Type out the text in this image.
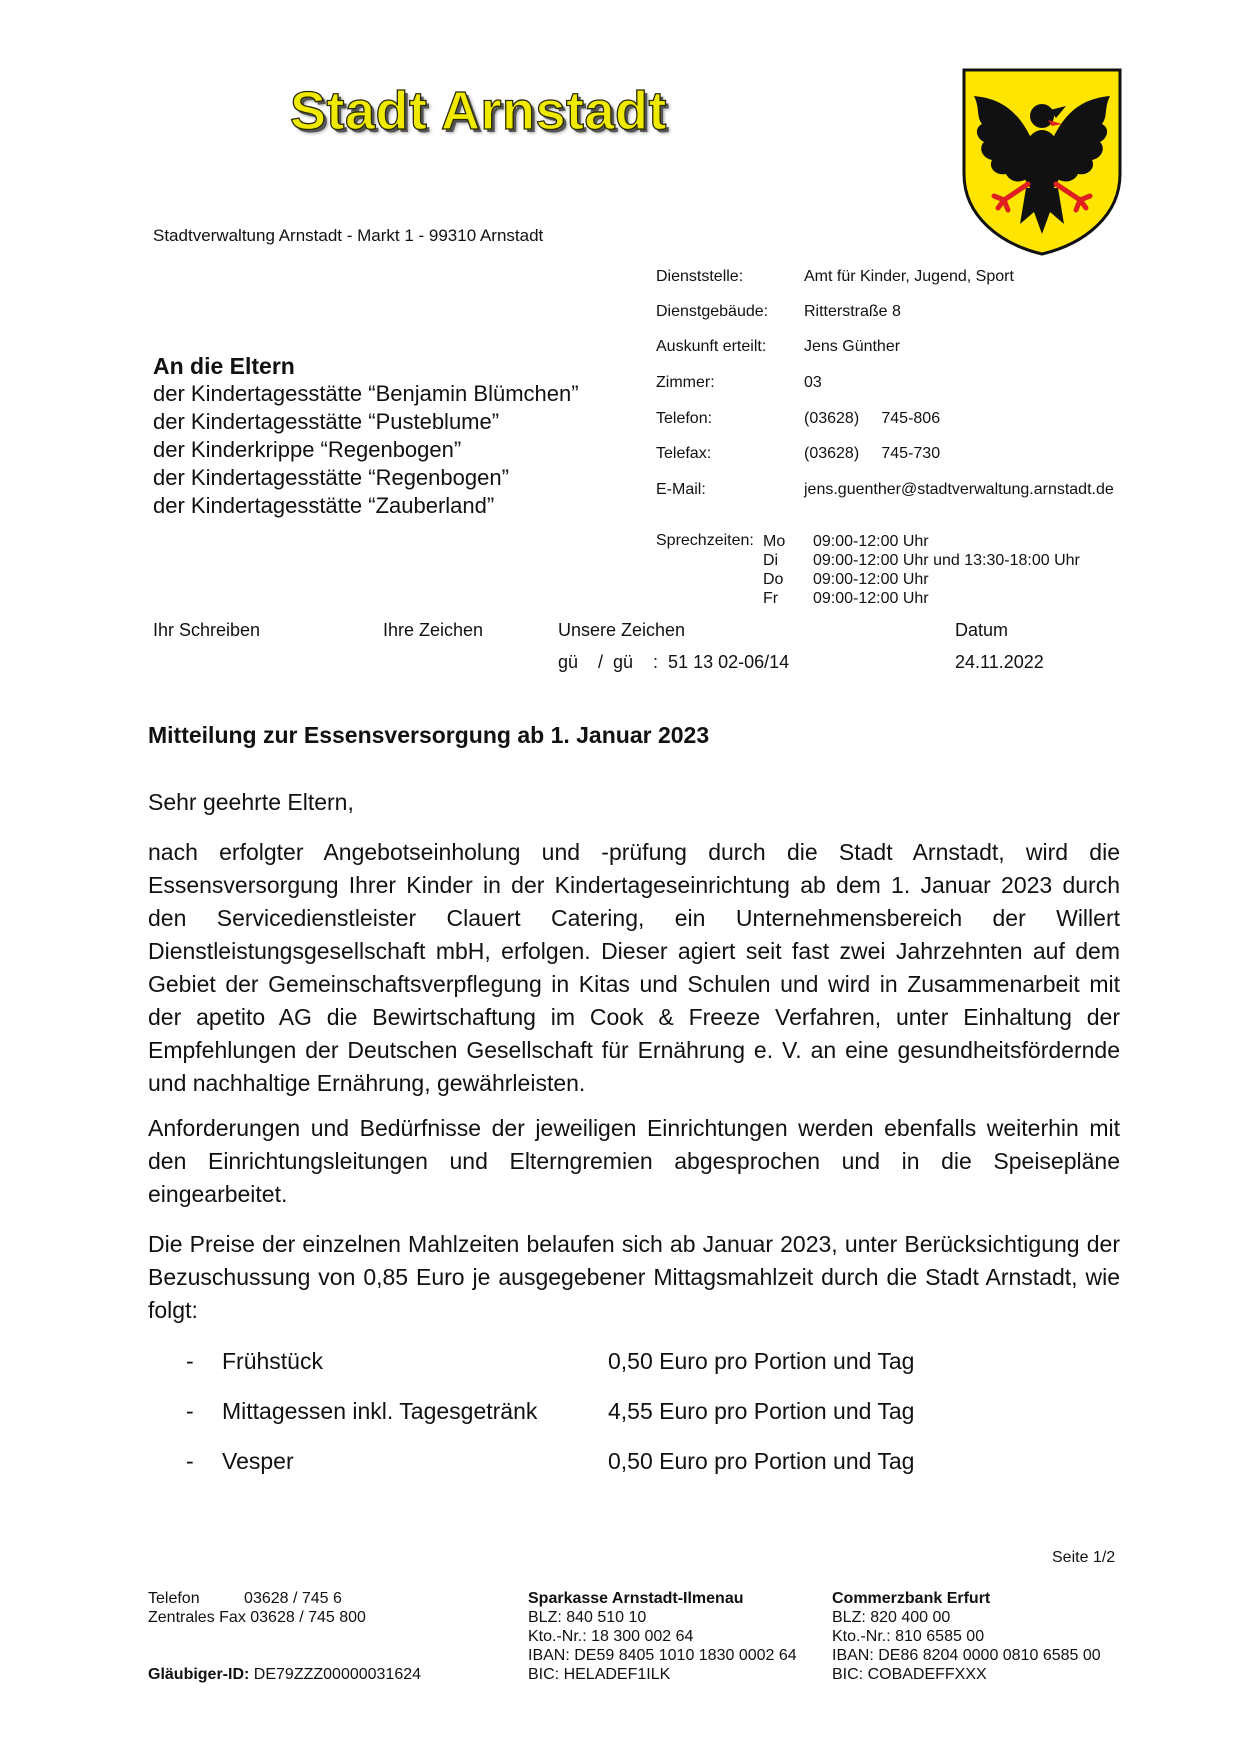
Stadt Arnstadt
Stadtverwaltung Arnstadt - Markt 1 - 99310 Arnstadt
Dienststelle:	Amt für Kinder, Jugend, Sport
Dienstgebäude:	Ritterstraße 8
Auskunft erteilt:	Jens Günther
Zimmer:	03
Telefon:	(03628)     745-806
Telefax:	(03628)     745-730
E-Mail:	jens.guenther@stadtverwaltung.arnstadt.de
Sprechzeiten: Mo 09:00-12:00 Uhr
Di 09:00-12:00 Uhr und 13:30-18:00 Uhr
Do 09:00-12:00 Uhr
Fr 09:00-12:00 Uhr
An die Eltern
der Kindertagesstätte “Benjamin Blümchen”
der Kindertagesstätte “Pusteblume”
der Kinderkrippe “Regenbogen”
der Kindertagesstätte “Regenbogen”
der Kindertagesstätte “Zauberland”
Ihr Schreiben	Ihre Zeichen	Unsere Zeichen	Datum
gü    /  gü    :  51 13 02-06/14	24.11.2022
Mitteilung zur Essensversorgung ab 1. Januar 2023
Sehr geehrte Eltern,
nach erfolgter Angebotseinholung und -prüfung durch die Stadt Arnstadt, wird die Essensversorgung Ihrer Kinder in der Kindertageseinrichtung ab dem 1. Januar 2023 durch den Servicedienstleister Clauert Catering, ein Unternehmensbereich der Willert Dienstleistungsgesellschaft mbH, erfolgen. Dieser agiert seit fast zwei Jahrzehnten auf dem Gebiet der Gemeinschaftsverpflegung in Kitas und Schulen und wird in Zusammenarbeit mit der apetito AG die Bewirtschaftung im Cook & Freeze Verfahren, unter Einhaltung der Empfehlungen der Deutschen Gesellschaft für Ernährung e. V. an eine gesundheitsfördernde und nachhaltige Ernährung, gewährleisten.
Anforderungen und Bedürfnisse der jeweiligen Einrichtungen werden ebenfalls weiterhin mit den Einrichtungsleitungen und Elterngremien abgesprochen und in die Speisepläne eingearbeitet.
Die Preise der einzelnen Mahlzeiten belaufen sich ab Januar 2023, unter Berücksichtigung der Bezuschussung von 0,85 Euro je ausgegebener Mittagsmahlzeit durch die Stadt Arnstadt, wie folgt:
- Frühstück	0,50 Euro pro Portion und Tag
- Mittagessen inkl. Tagesgetränk	4,55 Euro pro Portion und Tag
- Vesper	0,50 Euro pro Portion und Tag
Seite 1/2
Telefon          03628 / 745 6
Zentrales Fax 03628 / 745 800
Gläubiger-ID: DE79ZZZ00000031624
Sparkasse Arnstadt-Ilmenau
BLZ: 840 510 10
Kto.-Nr.: 18 300 002 64
IBAN: DE59 8405 1010 1830 0002 64
BIC: HELADEF1ILK
Commerzbank Erfurt
BLZ: 820 400 00
Kto.-Nr.: 810 6585 00
IBAN: DE86 8204 0000 0810 6585 00
BIC: COBADEFFXXX
